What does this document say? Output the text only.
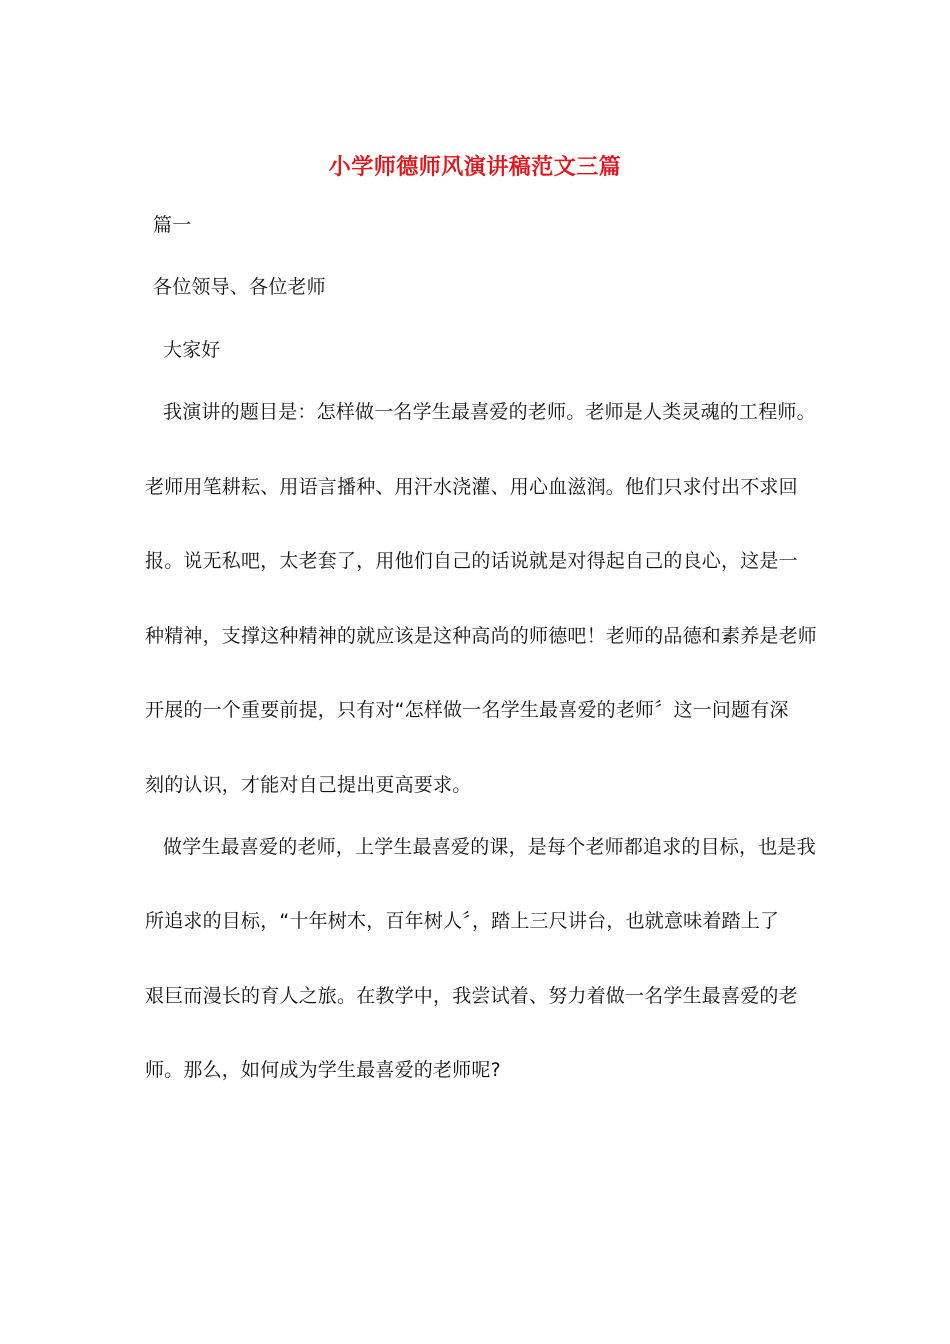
小学师德师风演讲稿范文三篇
篇一
各位领导、各位老师
大家好
我演讲的题目是：怎样做一名学生最喜爱的老师。老师是人类灵魂的工程师。
老师用笔耕耘、用语言播种、用汗水浇灌、用心血滋润。他们只求付出不求回
报。说无私吧，太老套了，用他们自己的话说就是对得起自己的良心，这是一
种精神，支撑这种精神的就应该是这种高尚的师德吧！老师的品德和素养是老师
开展的一个重要前提，只有对“怎样做一名学生最喜爱的老师〞这一问题有深
刻的认识，才能对自己提出更高要求。
做学生最喜爱的老师，上学生最喜爱的课，是每个老师都追求的目标，也是我
所追求的目标，“十年树木，百年树人〞，踏上三尺讲台，也就意味着踏上了
艰巨而漫长的育人之旅。在教学中，我尝试着、努力着做一名学生最喜爱的老
师。那么，如何成为学生最喜爱的老师呢?
